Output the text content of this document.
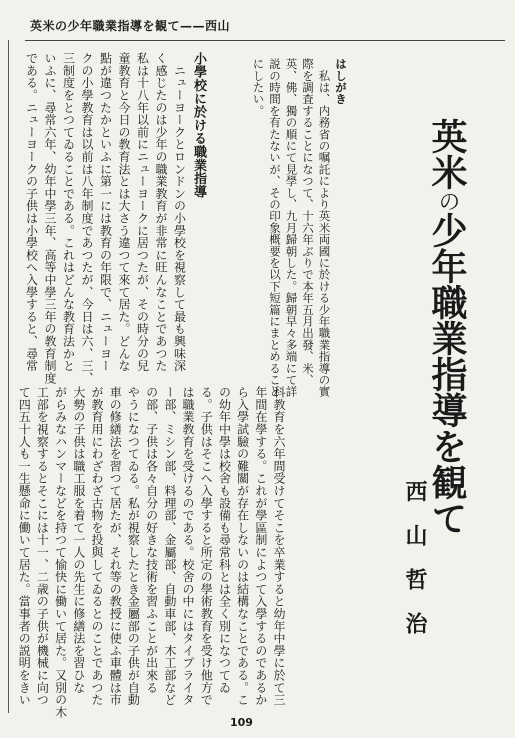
英米の少年職業指導を観て——西山
英米の少年職業指導を観て
西　山　哲　治
はしがき
　私は、内務省の嘱託により英米両國に於ける少年職業指導の實
際を調査することになつて、十六年ぶりで本年五月出發、米、
英、佛、獨の順にて見學し、九月歸朝した。歸朝早々多端にて詳
説の時間を有たないが、その印象概要を以下短篇にまとめること
にしたい。
小學校に於ける職業指導
　ニューヨークとロンドンの小學校を視察して最も興味深
く感じたのは少年の職業教育が非常に旺んなことであつた
私は十八年以前にニューヨークに居つたが、その時分の兒
童教育と今日の教育法とは大さう違つて來て居た。どんな
點が違つたかといふに第一には教育の年限で、ニューヨー
クの小學教育は以前は八年制度であつたが、今日は六、三、
三制度をとつてゐることである。これはどんな教育法かと
いふに、尋常六年、幼年中學三年、高等中學三年の教育制度
である。ニューヨークの子供は小學校へ入學すると、尋常
科教育を六年間受けてそこを卒業すると幼年中學に於て三
年間在學する。これが學區制によつて入學するのであるか
ら入學試驗の難關が存在しないのは結構なことである。こ
の幼年中學は校舍も設備も尋常科とは全く別になつてゐ
る。子供はそこへ入學すると所定の學術教育を受け他方で
は職業教育を受けるのである。校舍の中にはタイプライタ
ー部、ミシン部、料理部、金屬部、自動車部、木工部など
の部、子供は各々自分の好きな技術を習ふことが出來る
やうになつてゐる。私が視察したとき金屬部の子供が自動
車の修繕法を習つて居たが、それ等の教授に使ふ車體は市
が教育用にわざわざ古物を投與してゐるとのことであつた
大勢の子供は職工服を着て一人の先生に修繕法を習ひな
がらみなハンマーなどを持つて愉快に働いて居た。又別の木
工部を視察するとそこには十一、二歳の子供が機械に向つ
て四五十人も一生懸命に働いて居た。當事者の説明をきい
109
